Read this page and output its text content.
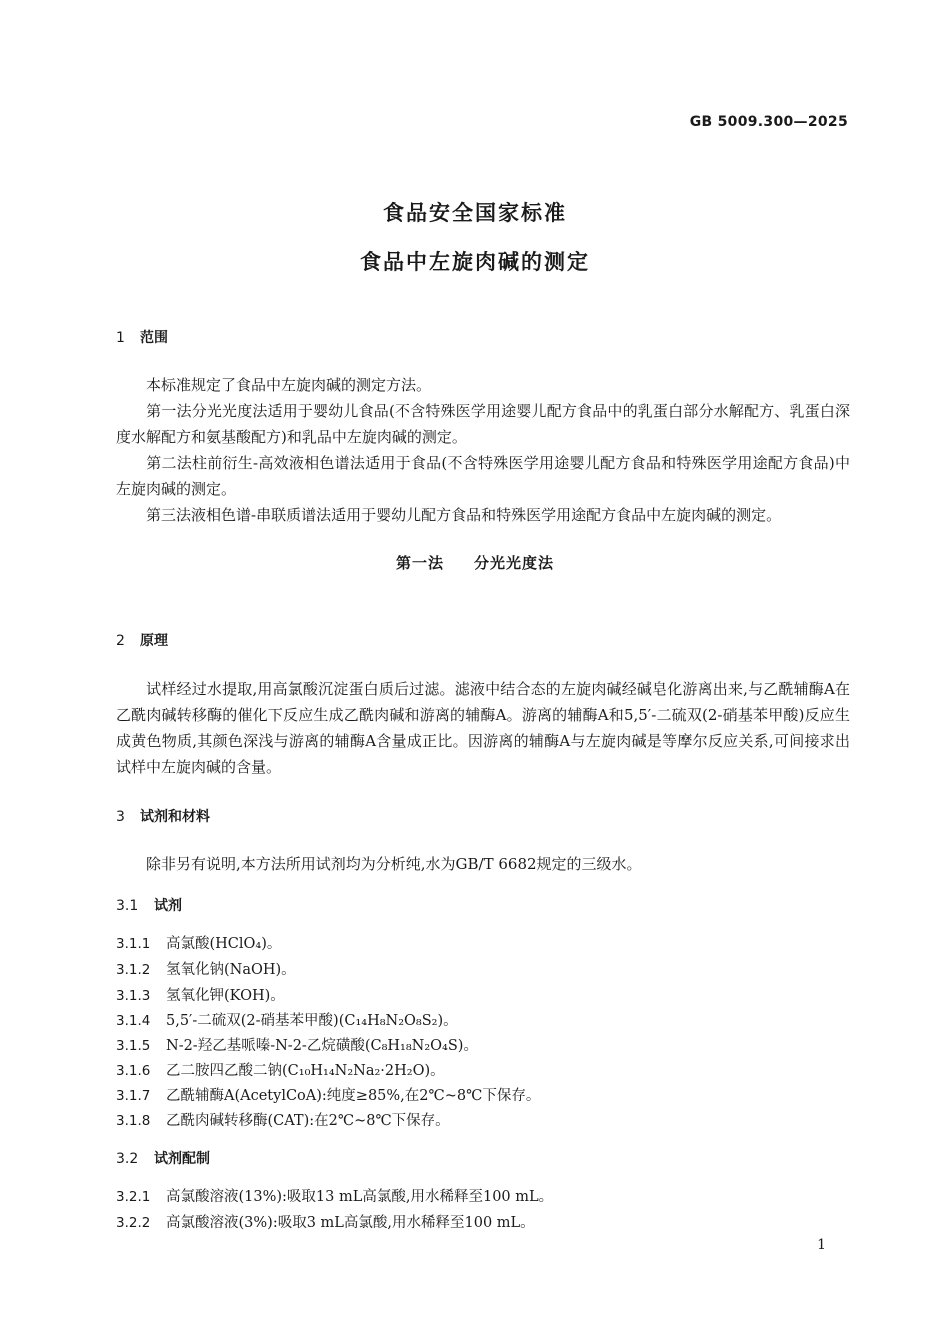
GB 5009.300—2025
食品安全国家标准
食品中左旋肉碱的测定
1 范围
本标准规定了食品中左旋肉碱的测定方法。
第一法分光光度法适用于婴幼儿食品(不含特殊医学用途婴儿配方食品中的乳蛋白部分水解配方、乳蛋白深度水解配方和氨基酸配方)和乳品中左旋肉碱的测定。
第二法柱前衍生-高效液相色谱法适用于食品(不含特殊医学用途婴儿配方食品和特殊医学用途配方食品)中左旋肉碱的测定。
第三法液相色谱-串联质谱法适用于婴幼儿配方食品和特殊医学用途配方食品中左旋肉碱的测定。
第一法 分光光度法
2 原理
试样经过水提取,用高氯酸沉淀蛋白质后过滤。滤液中结合态的左旋肉碱经碱皂化游离出来,与乙酰辅酶A在乙酰肉碱转移酶的催化下反应生成乙酰肉碱和游离的辅酶A。游离的辅酶A和5,5′-二硫双(2-硝基苯甲酸)反应生成黄色物质,其颜色深浅与游离的辅酶A含量成正比。因游离的辅酶A与左旋肉碱是等摩尔反应关系,可间接求出试样中左旋肉碱的含量。
3 试剂和材料
除非另有说明,本方法所用试剂均为分析纯,水为GB/T 6682规定的三级水。
3.1 试剂
3.1.1 高氯酸(HClO₄)。
3.1.2 氢氧化钠(NaOH)。
3.1.3 氢氧化钾(KOH)。
3.1.4 5,5′-二硫双(2-硝基苯甲酸)(C₁₄H₈N₂O₈S₂)。
3.1.5 N-2-羟乙基哌嗪-N-2-乙烷磺酸(C₈H₁₈N₂O₄S)。
3.1.6 乙二胺四乙酸二钠(C₁₀H₁₄N₂Na₂·2H₂O)。
3.1.7 乙酰辅酶A(AcetylCoA):纯度≥85%,在2℃~8℃下保存。
3.1.8 乙酰肉碱转移酶(CAT):在2℃~8℃下保存。
3.2 试剂配制
3.2.1 高氯酸溶液(13%):吸取13 mL高氯酸,用水稀释至100 mL。
3.2.2 高氯酸溶液(3%):吸取3 mL高氯酸,用水稀释至100 mL。
1
